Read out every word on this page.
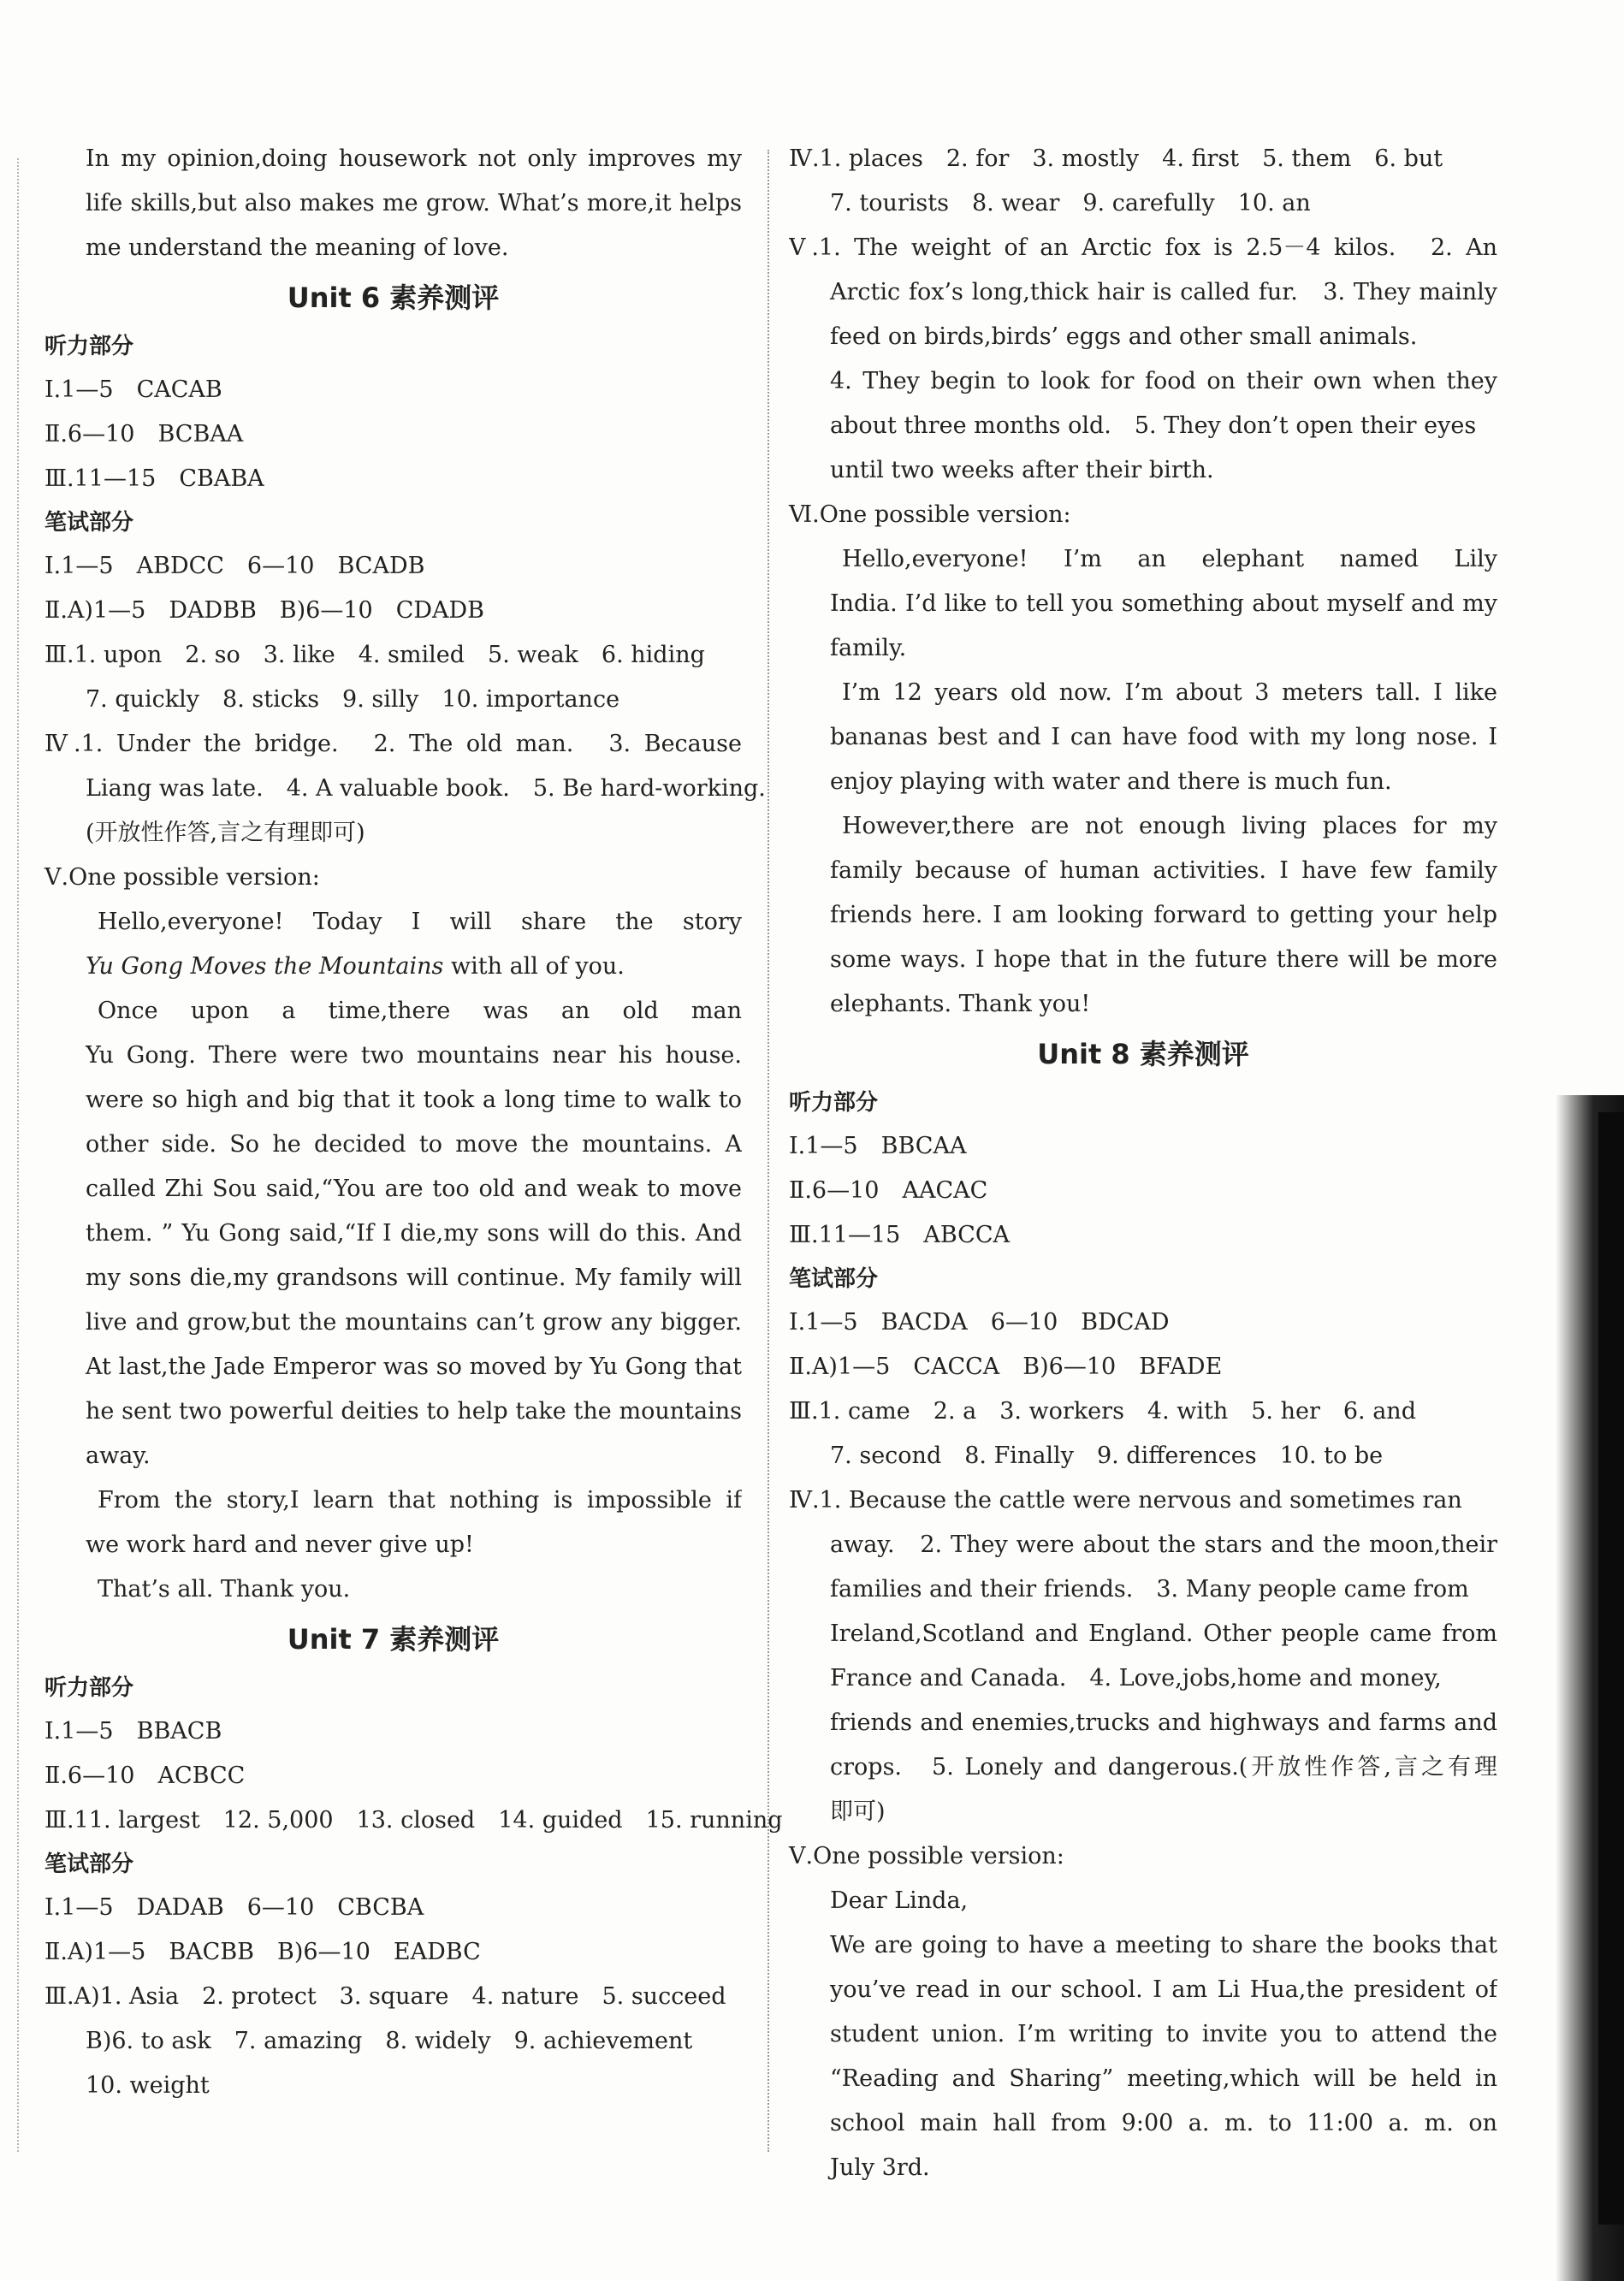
In my opinion,doing housework not only improves my
life skills,but also makes me grow. What’s more,it helps
me understand the meaning of love.
Unit 6 素养测评
听力部分
Ⅰ.1—5　CACAB
Ⅱ.6—10　BCBAA
Ⅲ.11—15　CBABA
笔试部分
Ⅰ.1—5　ABDCC　6—10　BCADB
Ⅱ.A)1—5　DADBB　B)6—10　CDADB
Ⅲ.1. upon　2. so　3. like　4. smiled　5. weak　6. hiding
7. quickly　8. sticks　9. silly　10. importance
Ⅳ.1. Under the bridge.　2. The old man.　3. Because
Liang was late.　4. A valuable book.　5. Be hard-working.
(开放性作答,言之有理即可)
Ⅴ.One possible version:
Hello,everyone!　Today　I　will　share　the　story　
Yu Gong Moves the Mountains with all of you.
Once　upon　a　time,there　was　an　old　man　
Yu Gong. There were two mountains near his house.
were so high and big that it took a long time to walk to
other side. So he decided to move the mountains. A
called Zhi Sou said,“You are too old and weak to move
them. ” Yu Gong said,“If I die,my sons will do this. And
my sons die,my grandsons will continue. My family will
live and grow,but the mountains can’t grow any bigger.
At last,the Jade Emperor was so moved by Yu Gong that
he sent two powerful deities to help take the mountains
away.
From the story,I learn that nothing is impossible if
we work hard and never give up!
That’s all. Thank you.
Unit 7 素养测评
听力部分
Ⅰ.1—5　BBACB
Ⅱ.6—10　ACBCC
Ⅲ.11. largest　12. 5,000　13. closed　14. guided　15. running
笔试部分
Ⅰ.1—5　DADAB　6—10　CBCBA
Ⅱ.A)1—5　BACBB　B)6—10　EADBC
Ⅲ.A)1. Asia　2. protect　3. square　4. nature　5. succeed
B)6. to ask　7. amazing　8. widely　9. achievement
10. weight
Ⅳ.1. places　2. for　3. mostly　4. first　5. them　6. but
7. tourists　8. wear　9. carefully　10. an
Ⅴ.1. The weight of an Arctic fox is 2.5－4 kilos.　2. An
Arctic fox’s long,thick hair is called fur.　3. They mainly
feed on birds,birds’ eggs and other small animals.
4. They begin to look for food on their own when they
about three months old.　5. They don’t open their eyes
until two weeks after their birth.
Ⅵ.One possible version:
Hello,everyone!　I’m　an　elephant　named　Lily　
India. I’d like to tell you something about myself and my
family.
I’m 12 years old now. I’m about 3 meters tall. I like
bananas best and I can have food with my long nose. I
enjoy playing with water and there is much fun.
However,there are not enough living places for my
family because of human activities. I have few family
friends here. I am looking forward to getting your help
some ways. I hope that in the future there will be more
elephants. Thank you!
Unit 8 素养测评
听力部分
Ⅰ.1—5　BBCAA
Ⅱ.6—10　AACAC
Ⅲ.11—15　ABCCA
笔试部分
Ⅰ.1—5　BACDA　6—10　BDCAD
Ⅱ.A)1—5　CACCA　B)6—10　BFADE
Ⅲ.1. came　2. a　3. workers　4. with　5. her　6. and
7. second　8. Finally　9. differences　10. to be
Ⅳ.1. Because the cattle were nervous and sometimes ran
away.　2. They were about the stars and the moon,their
families and their friends.　3. Many people came from
Ireland,Scotland and England. Other people came from
France and Canada.　4. Love,jobs,home and money,
friends and enemies,trucks and highways and farms and
crops.　5. Lonely and dangerous.(开放性作答,言之有理
即可)
Ⅴ.One possible version:
Dear Linda,
We are going to have a meeting to share the books that
you’ve read in our school. I am Li Hua,the president of
student union. I’m writing to invite you to attend the
“Reading and Sharing” meeting,which will be held in
school main hall from 9:00 a. m. to 11:00 a. m. on
July 3rd.
